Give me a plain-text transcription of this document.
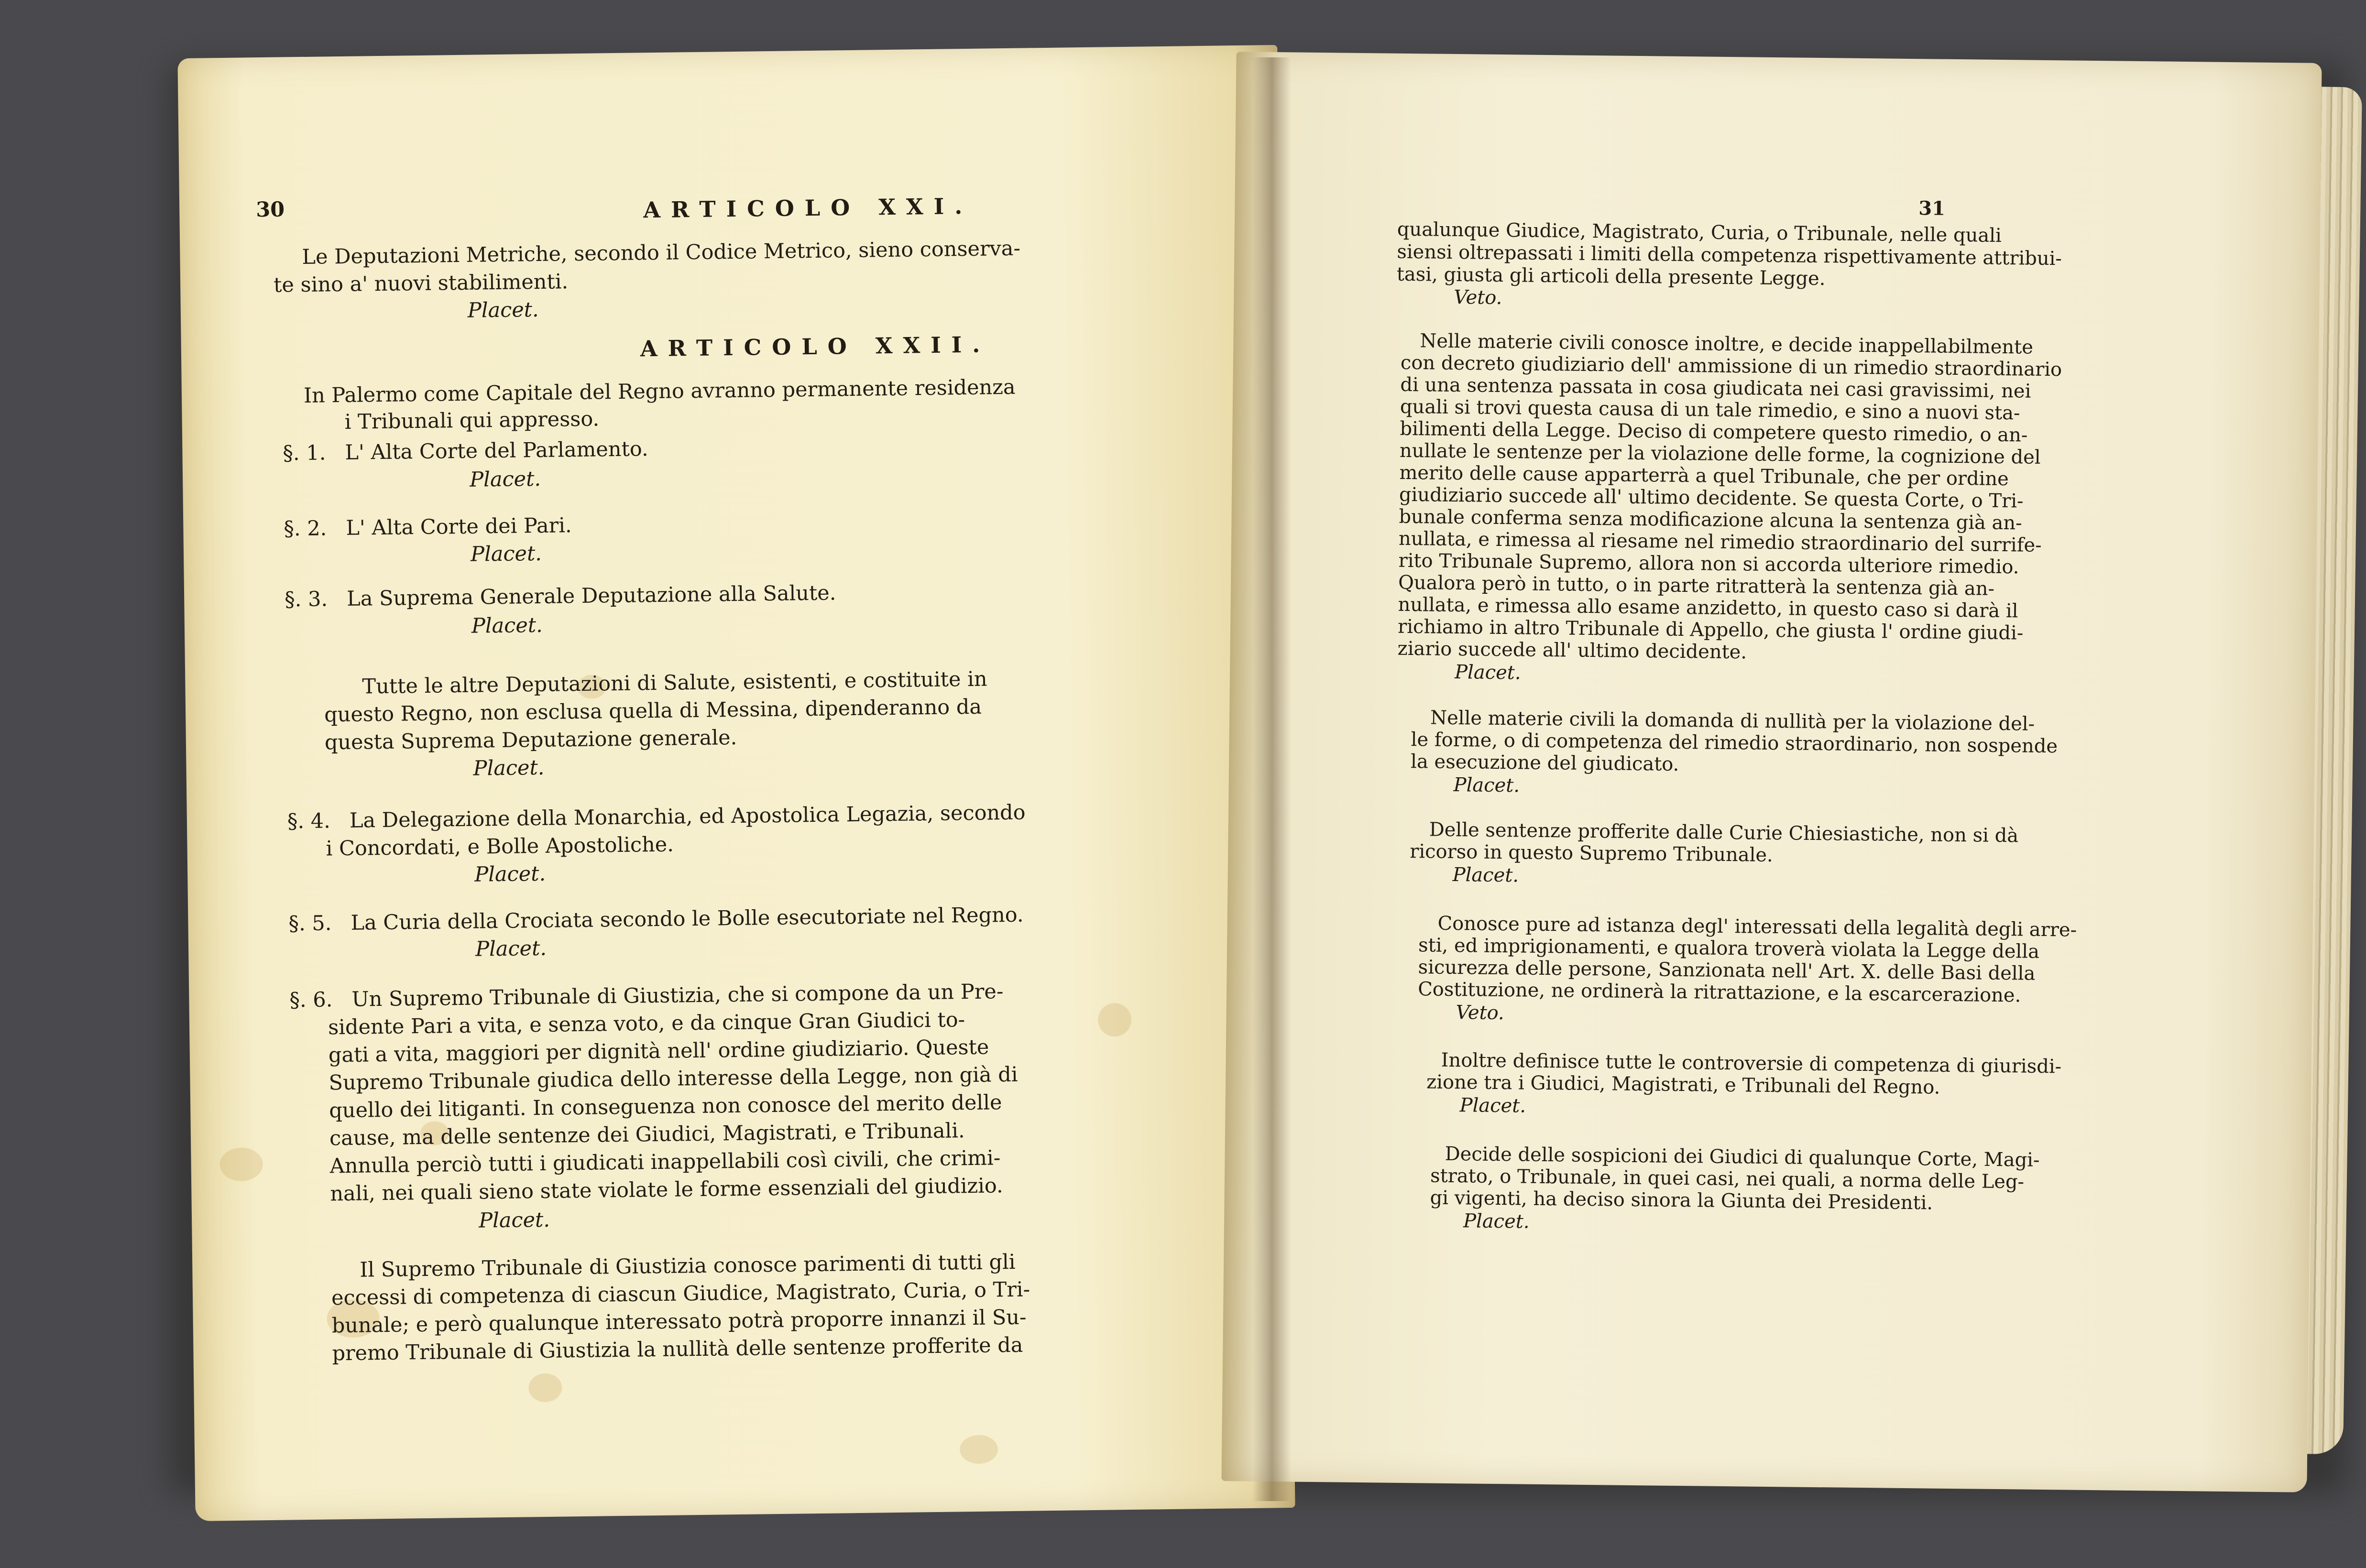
30	ARTICOLO XXI.
Le Deputazioni Metriche, secondo il Codice Metrico, sieno conserva-
te sino a' nuovi stabilimenti.
Placet.
ARTICOLO XXII.
In Palermo come Capitale del Regno avranno permanente residenza
i Tribunali qui appresso.
§. 1. L' Alta Corte del Parlamento.
Placet.
§. 2. L' Alta Corte dei Pari.
Placet.
§. 3. La Suprema Generale Deputazione alla Salute.
Placet.
Tutte le altre Deputazioni di Salute, esistenti, e costituite in
questo Regno, non esclusa quella di Messina, dipenderanno da
questa Suprema Deputazione generale.
Placet.
§. 4. La Delegazione della Monarchia, ed Apostolica Legazia, secondo
i Concordati, e Bolle Apostoliche.
Placet.
§. 5. La Curia della Crociata secondo le Bolle esecutoriate nel Regno.
Placet.
§. 6. Un Supremo Tribunale di Giustizia, che si compone da un Pre-
sidente Pari a vita, e senza voto, e da cinque Gran Giudici to-
gati a vita, maggiori per dignità nell' ordine giudiziario. Queste
Supremo Tribunale giudica dello interesse della Legge, non già di
quello dei litiganti. In conseguenza non conosce del merito delle
cause, ma delle sentenze dei Giudici, Magistrati, e Tribunali.
Annulla perciò tutti i giudicati inappellabili così civili, che crimi-
nali, nei quali sieno state violate le forme essenziali del giudizio.
Placet.
Il Supremo Tribunale di Giustizia conosce parimenti di tutti gli
eccessi di competenza di ciascun Giudice, Magistrato, Curia, o Tri-
bunale; e però qualunque interessato potrà proporre innanzi il Su-
premo Tribunale di Giustizia la nullità delle sentenze profferite da
31
qualunque Giudice, Magistrato, Curia, o Tribunale, nelle quali
siensi oltrepassati i limiti della competenza rispettivamente attribui-
tasi, giusta gli articoli della presente Legge.
Veto.
Nelle materie civili conosce inoltre, e decide inappellabilmente
con decreto giudiziario dell' ammissione di un rimedio straordinario
di una sentenza passata in cosa giudicata nei casi gravissimi, nei
quali si trovi questa causa di un tale rimedio, e sino a nuovi sta-
bilimenti della Legge. Deciso di competere questo rimedio, o an-
nullate le sentenze per la violazione delle forme, la cognizione del
merito delle cause apparterrà a quel Tribunale, che per ordine
giudiziario succede all' ultimo decidente. Se questa Corte, o Tri-
bunale conferma senza modificazione alcuna la sentenza già an-
nullata, e rimessa al riesame nel rimedio straordinario del surrife-
rito Tribunale Supremo, allora non si accorda ulteriore rimedio.
Qualora però in tutto, o in parte ritratterà la sentenza già an-
nullata, e rimessa allo esame anzidetto, in questo caso si darà il
richiamo in altro Tribunale di Appello, che giusta l' ordine giudi-
ziario succede all' ultimo decidente.
Placet.
Nelle materie civili la domanda di nullità per la violazione del-
le forme, o di competenza del rimedio straordinario, non sospende
la esecuzione del giudicato.
Placet.
Delle sentenze profferite dalle Curie Chiesiastiche, non si dà
ricorso in questo Supremo Tribunale.
Placet.
Conosce pure ad istanza degl' interessati della legalità degli arre-
sti, ed imprigionamenti, e qualora troverà violata la Legge della
sicurezza delle persone, Sanzionata nell' Art. X. delle Basi della
Costituzione, ne ordinerà la ritrattazione, e la escarcerazione.
Veto.
Inoltre definisce tutte le controversie di competenza di giurisdi-
zione tra i Giudici, Magistrati, e Tribunali del Regno.
Placet.
Decide delle sospicioni dei Giudici di qualunque Corte, Magi-
strato, o Tribunale, in quei casi, nei quali, a norma delle Leg-
gi vigenti, ha deciso sinora la Giunta dei Presidenti.
Placet.
